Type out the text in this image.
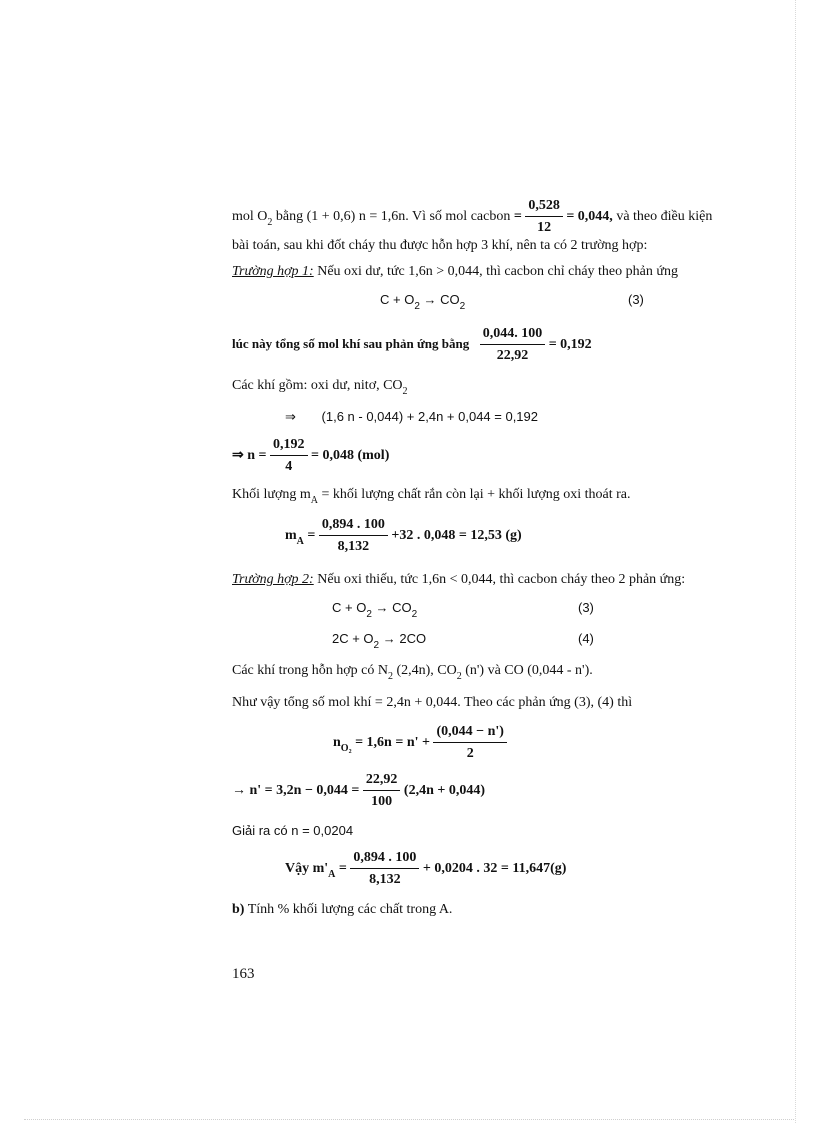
mol $O_2$ bằng (1 + 0,6) n = 1,6n. Vì số mol cacbon = $\frac{0,528}{12} = 0,044$, và theo điều kiện
bài toán, sau khi đốt cháy thu được hỗn hợp 3 khí, nên ta có 2 trường hợp:
Trường hợp 1: Nếu oxi dư, tức 1,6n > 0,044, thì cacbon chỉ cháy theo phản ứng
$C + O_2 \to CO_2$	(3)
lúc này tổng số mol khí sau phản ứng bằng $\frac{0,044. 100}{22,92} = 0,192$
Các khí gồm: oxi dư, nitơ, $CO_2$
⇒ (1,6 n - 0,044) + 2,4n + 0,044 = 0,192
⇒ $n = \frac{0,192}{4} = 0,048$ (mol)
Khối lượng $m_A$ = khối lượng chất rắn còn lại + khối lượng oxi thoát ra.
$m_A = \frac{0,894 . 100}{8,132} +32$ . 0,048 = 12,53 (g)
Trường hợp 2: Nếu oxi thiếu, tức 1,6n < 0,044, thì cacbon cháy theo 2 phản ứng:
$C + O_2 \to CO_2$	(3)
$2C + O_2 \to 2CO$	(4)
Các khí trong hỗn hợp có $N_2$ (2,4n), $CO_2$ (n') và CO (0,044 - n').
Như vậy tổng số mol khí = 2,4n + 0,044. Theo các phản ứng (3), (4) thì
$n_{O_2} = 1,6n = n' + \frac{(0,044 - n')}{2}$
→ $n' = 3,2n - 0,044 = \frac{22,92}{100} (2,4n + 0,044)$
Giải ra có n = 0,0204
Vậy $m'_A = \frac{0,894 . 100}{8,132} + 0,0204$ . 32 = 11,647(g)
b) Tính % khối lượng các chất trong A.
163
